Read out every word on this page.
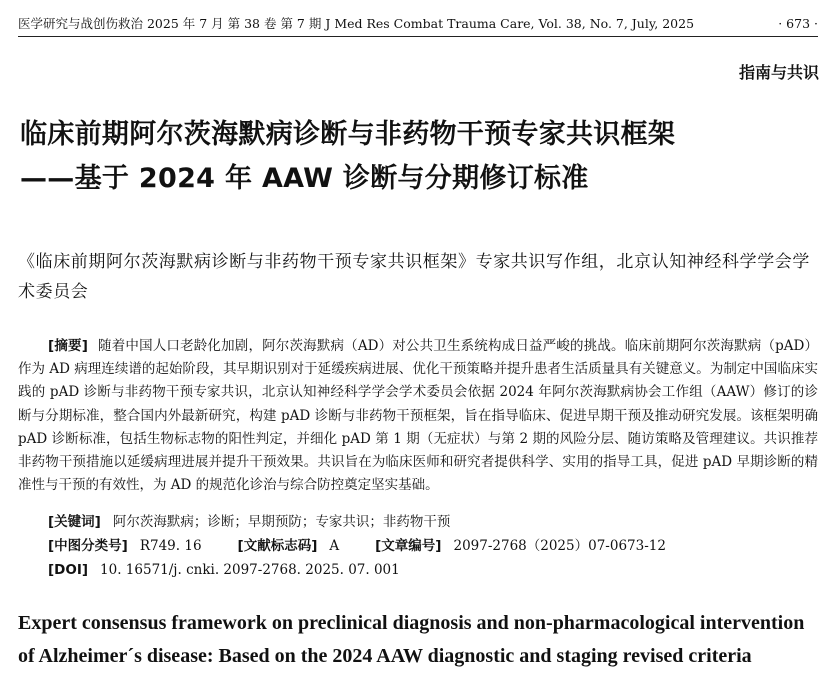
医学研究与战创伤救治 2025 年 7 月 第 38 卷 第 7 期 J Med Res Combat Trauma Care, Vol. 38, No. 7, July, 2025	· 673 ·
指南与共识
临床前期阿尔茨海默病诊断与非药物干预专家共识框架
——基于 2024 年 AAW 诊断与分期修订标准
《临床前期阿尔茨海默病诊断与非药物干预专家共识框架》专家共识写作组，北京认知神经科学学会学术委员会

[摘要] 随着中国人口老龄化加剧，阿尔茨海默病（AD）对公共卫生系统构成日益严峻的挑战。临床前期阿尔茨海默病（pAD）作为 AD 病理连续谱的起始阶段，其早期识别对于延缓疾病进展、优化干预策略并提升患者生活质量具有关键意义。为制定中国临床实践的 pAD 诊断与非药物干预专家共识，北京认知神经科学学会学术委员会依据 2024 年阿尔茨海默病协会工作组（AAW）修订的诊断与分期标准，整合国内外最新研究，构建 pAD 诊断与非药物干预框架，旨在指导临床、促进早期干预及推动研究发展。该框架明确 pAD 诊断标准，包括生物标志物的阳性判定，并细化 pAD 第 1 期（无症状）与第 2 期的风险分层、随访策略及管理建议。共识推荐非药物干预措施以延缓病理进展并提升干预效果。共识旨在为临床医师和研究者提供科学、实用的指导工具，促进 pAD 早期诊断的精准性与干预的有效性，为 AD 的规范化诊治与综合防控奠定坚实基础。

[关键词] 阿尔茨海默病；诊断；早期预防；专家共识；非药物干预
[中图分类号] R749. 16	[文献标志码] A	[文章编号] 2097-2768（2025）07-0673-12
[DOI] 10. 16571/j. cnki. 2097-2768. 2025. 07. 001
Expert consensus framework on preclinical diagnosis and non-pharmacological intervention of Alzheimer´s disease: Based on the 2024 AAW diagnostic and staging revised criteria
